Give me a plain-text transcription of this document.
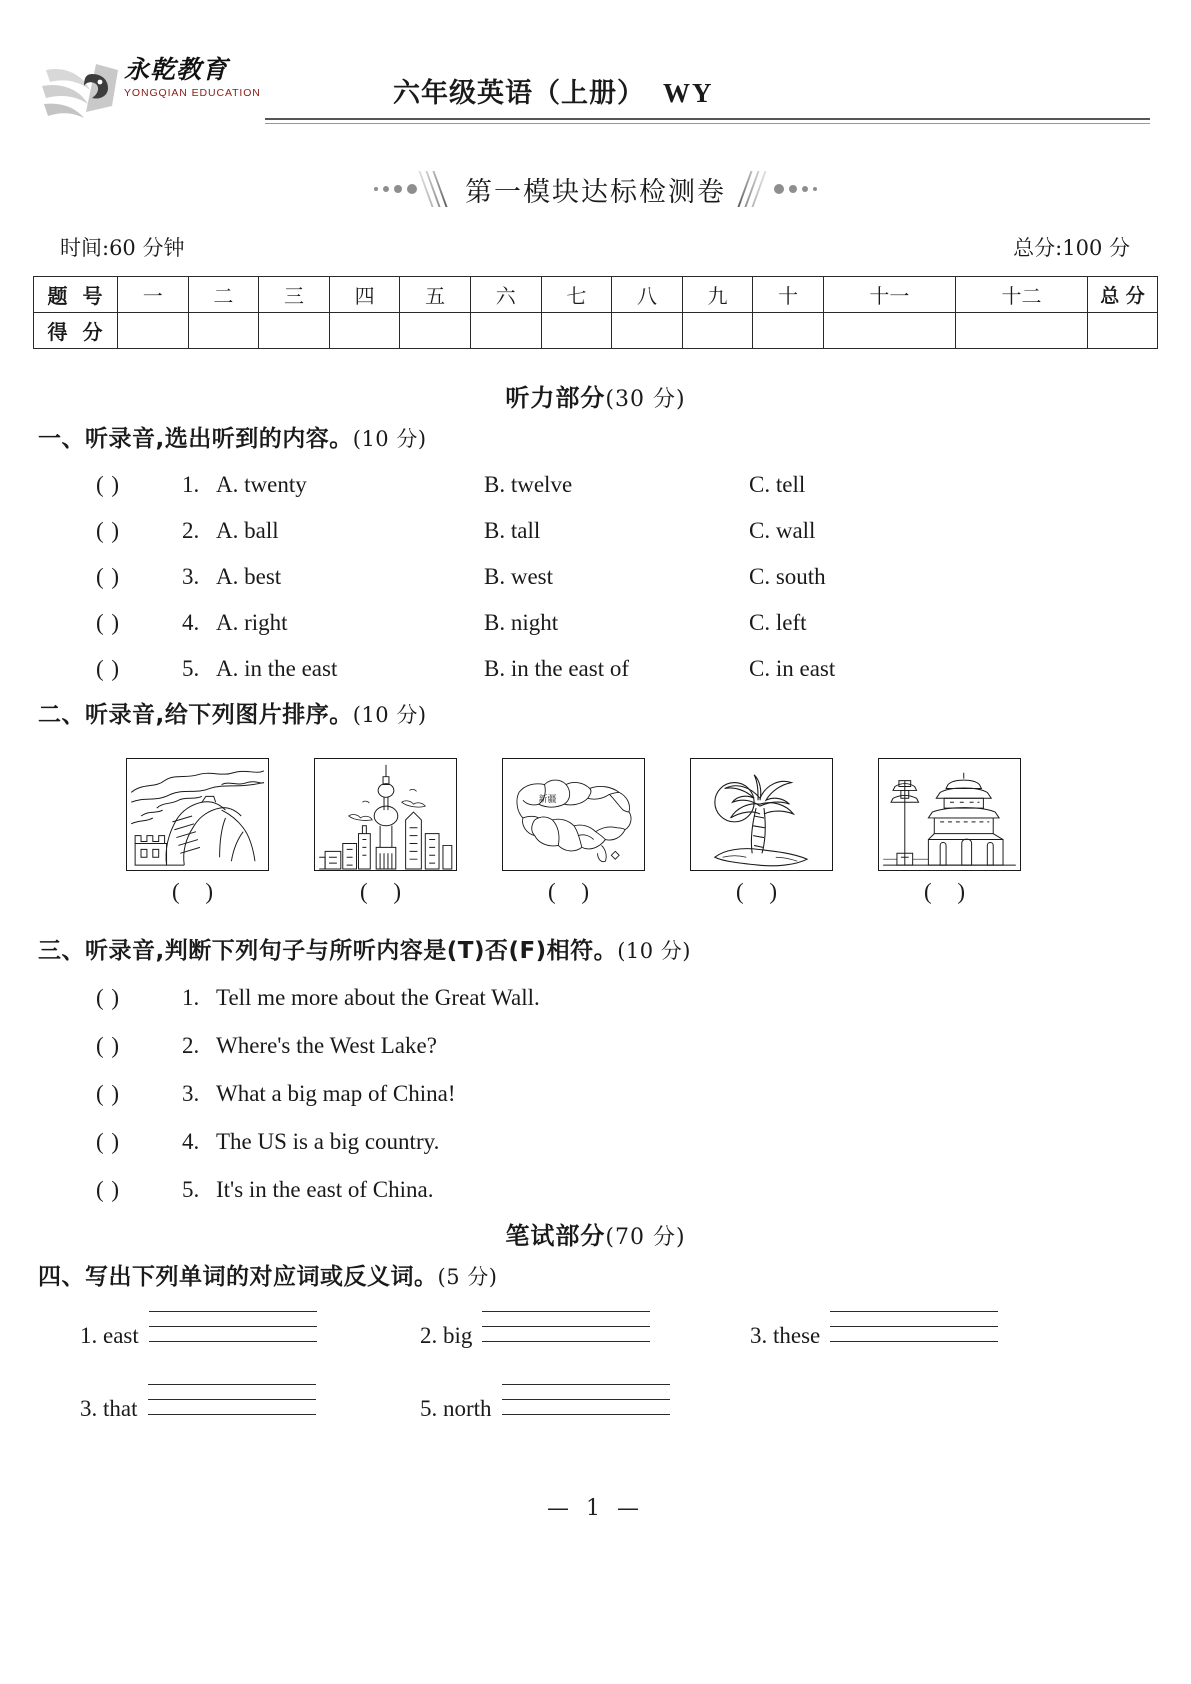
永乾教育
YONGQIAN EDUCATION	六年级英语（上册） WY
第一模块达标检测卷
时间:60 分钟	总分:100 分
题 号	一	二	三	四	五	六	七	八	九	十	十一	十二	总 分
得 分													
听力部分(30 分)
一、听录音,选出听到的内容。(10 分)
( )	1. A. twenty	B. twelve	C. tell
( )	2. A. ball	B. tall	C. wall
( )	3. A. best	B. west	C. south
( )	4. A. right	B. night	C. left
( )	5. A. in the east	B. in the east of	C. in east
二、听录音,给下列图片排序。(10 分)
( )	( )
新疆
( )	( )	( )
三、听录音,判断下列句子与所听内容是(T)否(F)相符。(10 分)
( )	1. Tell me more about the Great Wall.
( )	2. Where's the West Lake?
( )	3. What a big map of China!
( )	4. The US is a big country.
( )	5. It's in the east of China.
笔试部分(70 分)
四、写出下列单词的对应词或反义词。(5 分)
1. east	2. big	3. these
3. that	5. north
— 1 —
